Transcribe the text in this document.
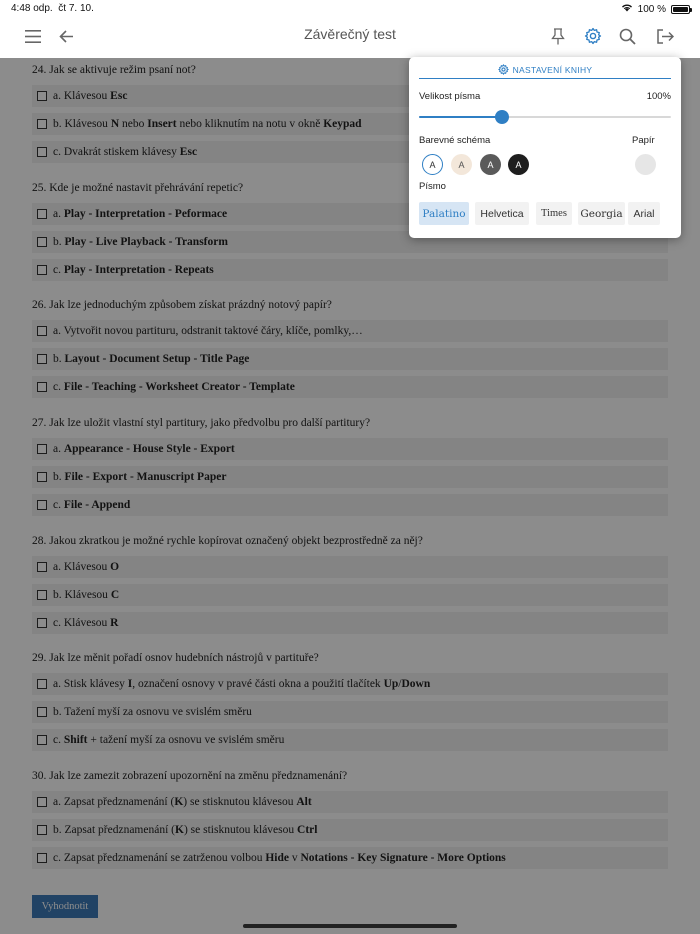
4:48 odp. čt 7. 10.	100 %
Závěrečný test
24. Jak se aktivuje režim psaní not?
a. Klávesou Esc
b. Klávesou N nebo Insert nebo kliknutím na notu v okně Keypad
c. Dvakrát stiskem klávesy Esc
25. Kde je možné nastavit přehrávání repetic?
a. Play - Interpretation - Peformace
b. Play - Live Playback - Transform
c. Play - Interpretation - Repeats
26. Jak lze jednoduchým způsobem získat prázdný notový papír?
a. Vytvořit novou partituru, odstranit taktové čáry, klíče, pomlky,…
b. Layout - Document Setup - Title Page
c. File - Teaching - Worksheet Creator - Template
27. Jak lze uložit vlastní styl partitury, jako předvolbu pro další partitury?
a. Appearance - House Style - Export
b. File - Export - Manuscript Paper
c. File - Append
28. Jakou zkratkou je možné rychle kopírovat označený objekt bezprostředně za něj?
a. Klávesou O
b. Klávesou C
c. Klávesou R
29. Jak lze měnit pořadí osnov hudebních nástrojů v partituře?
a. Stisk klávesy I, označení osnovy v pravé části okna a použití tlačítek Up/Down
b. Tažení myší za osnovu ve svislém směru
c. Shift + tažení myší za osnovu ve svislém směru
30. Jak lze zamezit zobrazení upozornění na změnu předznamenání?
a. Zapsat předznamenání (K) se stisknutou klávesou Alt
b. Zapsat předznamenání (K) se stisknutou klávesou Ctrl
c. Zapsat předznamenání se zatrženou volbou Hide v Notations - Key Signature - More Options
Vyhodnotit
NASTAVENÍ KNIHY
Velikost písma	100%
Barevné schéma	Papír
A	A	A	A
Písmo
Palatino	Helvetica	Times	Georgia	Arial
